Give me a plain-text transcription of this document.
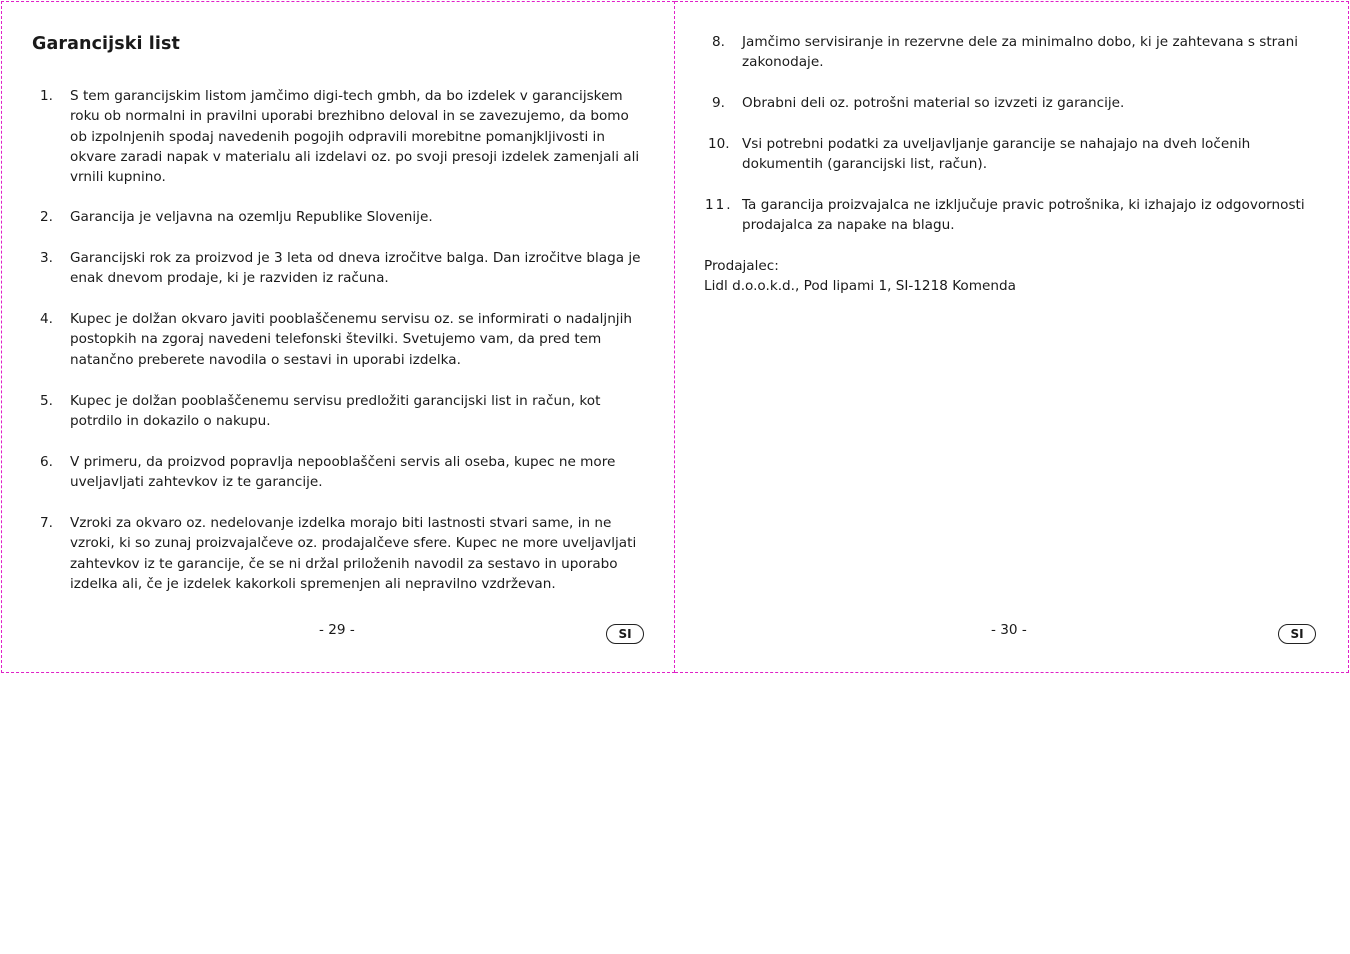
Garancijski list
1. S tem garancijskim listom jamčimo digi-tech gmbh, da bo izdelek v garancijskem roku ob normalni in pravilni uporabi brezhibno deloval in se zavezujemo, da bomo ob izpolnjenih spodaj navedenih pogojih odpravili morebitne pomanjkljivosti in okvare zaradi napak v materialu ali izdelavi oz. po svoji presoji izdelek zamenjali ali vrnili kupnino.
2. Garancija je veljavna na ozemlju Republike Slovenije.
3. Garancijski rok za proizvod je 3 leta od dneva izročitve balga. Dan izročitve blaga je enak dnevom prodaje, ki je razviden iz računa.
4. Kupec je dolžan okvaro javiti pooblaščenemu servisu oz. se informirati o nadaljnjih postopkih na zgoraj navedeni telefonski številki. Svetujemo vam, da pred tem natančno preberete navodila o sestavi in uporabi izdelka.
5. Kupec je dolžan pooblaščenemu servisu predložiti garancijski list in račun, kot potrdilo in dokazilo o nakupu.
6. V primeru, da proizvod popravlja nepooblaščeni servis ali oseba, kupec ne more uveljavljati zahtevkov iz te garancije.
7. Vzroki za okvaro oz. nedelovanje izdelka morajo biti lastnosti stvari same, in ne vzroki, ki so zunaj proizvajalčeve oz. prodajalčeve sfere. Kupec ne more uveljavljati zahtevkov iz te garancije, če se ni držal priloženih navodil za sestavo in uporabo izdelka ali, če je izdelek kakorkoli spremenjen ali nepravilno vzdrževan.
- 29 -	SI
8. Jamčimo servisiranje in rezervne dele za minimalno dobo, ki je zahtevana s strani zakonodaje.
9. Obrabni deli oz. potrošni material so izvzeti iz garancije.
10. Vsi potrebni podatki za uveljavljanje garancije se nahajajo na dveh ločenih dokumentih (garancijski list, račun).
11. Ta garancija proizvajalca ne izključuje pravic potrošnika, ki izhajajo iz odgovornosti prodajalca za napake na blagu.
Prodajalec:
Lidl d.o.o.k.d., Pod lipami 1, SI-1218 Komenda
- 30 -	SI
